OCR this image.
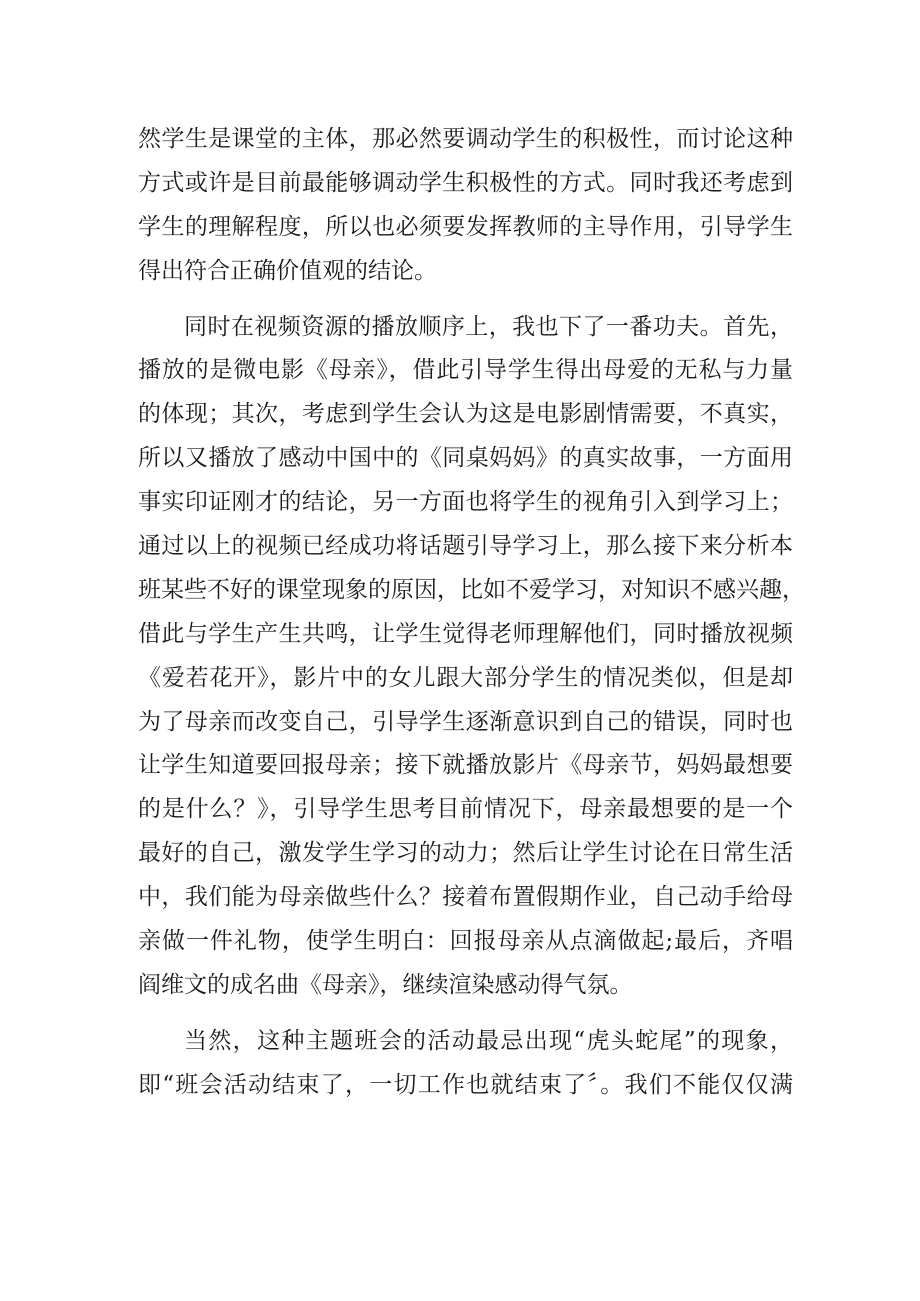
然学生是课堂的主体，那必然要调动学生的积极性，而讨论这种
方式或许是目前最能够调动学生积极性的方式。同时我还考虑到
学生的理解程度，所以也必须要发挥教师的主导作用，引导学生
得出符合正确价值观的结论。
同时在视频资源的播放顺序上，我也下了一番功夫。首先，
播放的是微电影《母亲》，借此引导学生得出母爱的无私与力量
的体现；其次，考虑到学生会认为这是电影剧情需要，不真实，
所以又播放了感动中国中的《同桌妈妈》的真实故事，一方面用
事实印证刚才的结论，另一方面也将学生的视角引入到学习上；
通过以上的视频已经成功将话题引导学习上，那么接下来分析本
班某些不好的课堂现象的原因，比如不爱学习，对知识不感兴趣，
借此与学生产生共鸣，让学生觉得老师理解他们，同时播放视频
《爱若花开》，影片中的女儿跟大部分学生的情况类似，但是却
为了母亲而改变自己，引导学生逐渐意识到自己的错误，同时也
让学生知道要回报母亲；接下就播放影片《母亲节，妈妈最想要
的是什么？》，引导学生思考目前情况下，母亲最想要的是一个
最好的自己，激发学生学习的动力；然后让学生讨论在日常生活
中，我们能为母亲做些什么？接着布置假期作业，自己动手给母
亲做一件礼物，使学生明白：回报母亲从点滴做起;最后，齐唱
阎维文的成名曲《母亲》，继续渲染感动得气氛。
当然，这种主题班会的活动最忌出现“虎头蛇尾”的现象，
即“班会活动结束了，一切工作也就结束了〞。我们不能仅仅满
